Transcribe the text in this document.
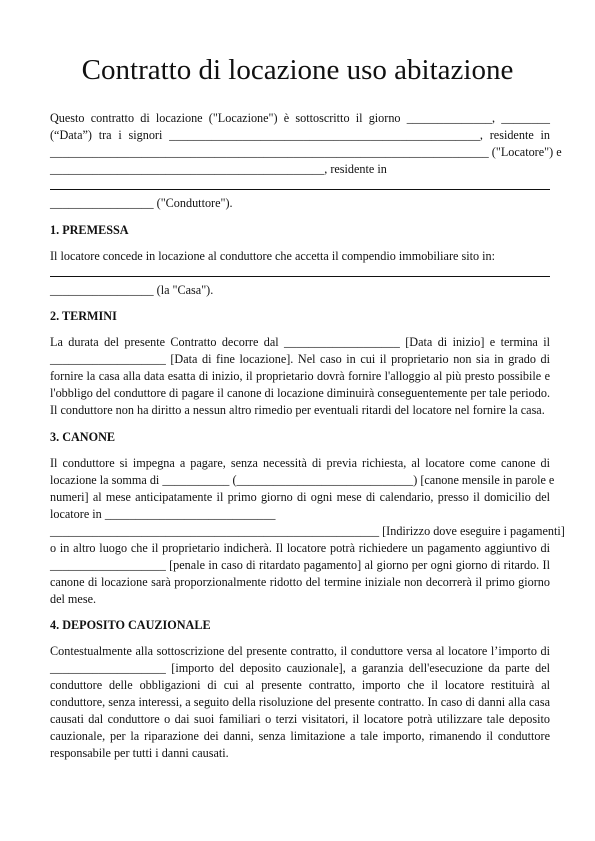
Contratto di locazione uso abitazione
Questo contratto di locazione ("Locazione") è sottoscritto il giorno ______________, ________
(“Data”) tra i signori ___________________________________________________, residente in
________________________________________________________________________ ("Locatore") e
_____________________________________________, residente in
_________________ ("Conduttore").
1. PREMESSA
Il locatore concede in locazione al conduttore che accetta il compendio immobiliare sito in:
_________________ (la "Casa").
2. TERMINI
La durata del presente Contratto decorre dal ___________________ [Data di inizio] e termina il
___________________ [Data di fine locazione]. Nel caso in cui il proprietario non sia in grado di
fornire la casa alla data esatta di inizio, il proprietario dovrà fornire l'alloggio al più presto possibile e
l'obbligo del conduttore di pagare il canone di locazione diminuirà conseguentemente per tale periodo.
Il conduttore non ha diritto a nessun altro rimedio per eventuali ritardi del locatore nel fornire la casa.
3. CANONE
Il conduttore si impegna a pagare, senza necessità di previa richiesta, al locatore come canone di
locazione la somma di ___________ (_____________________________) [canone mensile in parole e
numeri] al mese anticipatamente il primo giorno di ogni mese di calendario, presso il domicilio del
locatore in ____________________________
______________________________________________________ [Indirizzo dove eseguire i pagamenti]
o in altro luogo che il proprietario indicherà. Il locatore potrà richiedere un pagamento aggiuntivo di
___________________ [penale in caso di ritardato pagamento] al giorno per ogni giorno di ritardo. Il
canone di locazione sarà proporzionalmente ridotto del termine iniziale non decorrerà il primo giorno
del mese.
4. DEPOSITO CAUZIONALE
Contestualmente alla sottoscrizione del presente contratto, il conduttore versa al locatore l’importo di
___________________ [importo del deposito cauzionale], a garanzia dell'esecuzione da parte del
conduttore delle obbligazioni di cui al presente contratto, importo che il locatore restituirà al
conduttore, senza interessi, a seguito della risoluzione del presente contratto. In caso di danni alla casa
causati dal conduttore o dai suoi familiari o terzi visitatori, il locatore potrà utilizzare tale deposito
cauzionale, per la riparazione dei danni, senza limitazione a tale importo, rimanendo il conduttore
responsabile per tutti i danni causati.
